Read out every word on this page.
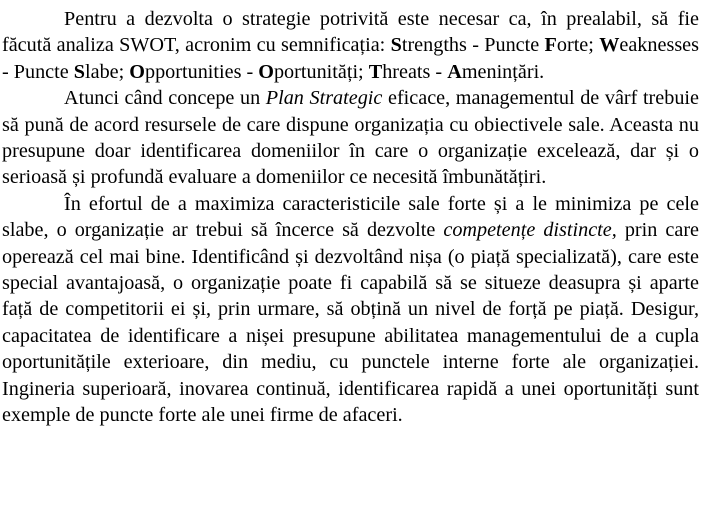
Pentru a dezvolta o strategie potrivită este necesar ca, în prealabil, să fie făcută analiza SWOT, acronim cu semnificația: Strengths - Puncte Forte; Weaknesses - Puncte Slabe; Opportunities - Oportunități; Threats - Amenințări.

Atunci când concepe un Plan Strategic eficace, managementul de vârf trebuie să pună de acord resursele de care dispune organizația cu obiectivele sale. Aceasta nu presupune doar identificarea domeniilor în care o organizație excelează, dar și o serioasă și profundă evaluare a domeniilor ce necesită îmbunătățiri.

În efortul de a maximiza caracteristicile sale forte și a le minimiza pe cele slabe, o organizație ar trebui să încerce să dezvolte competențe distincte, prin care operează cel mai bine. Identificând și dezvoltând nișa (o piață specializată), care este special avantajoasă, o organizație poate fi capabilă să se situeze deasupra și aparte față de competitorii ei și, prin urmare, să obțină un nivel de forță pe piață. Desigur, capacitatea de identificare a nișei presupune abilitatea managementului de a cupla oportunitățile exterioare, din mediu, cu punctele interne forte ale organizației. Ingineria superioară, inovarea continuă, identificarea rapidă a unei oportunități sunt exemple de puncte forte ale unei firme de afaceri.
